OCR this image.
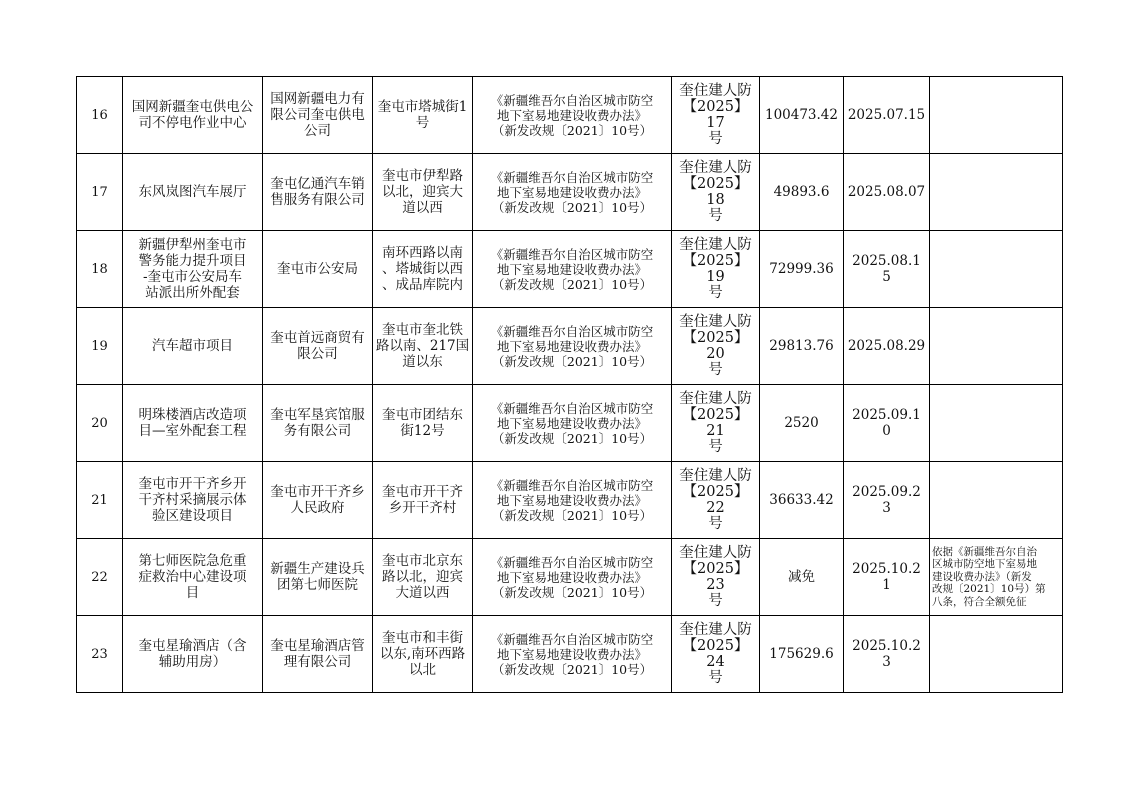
16	国网新疆奎屯供电公
司不停电作业中心	国网新疆电力有
限公司奎屯供电
公司	奎屯市塔城街1
号	《新疆维吾尔自治区城市防空
地下室易地建设收费办法》
（新发改规〔2021〕10号）	奎住建人防
【2025】17
号	100473.42	2025.07.15	

17	东风岚图汽车展厅	奎屯亿通汽车销
售服务有限公司	奎屯市伊犁路
以北，迎宾大
道以西	《新疆维吾尔自治区城市防空
地下室易地建设收费办法》
（新发改规〔2021〕10号）	奎住建人防
【2025】18
号	49893.6	2025.08.07	

18	新疆伊犁州奎屯市
警务能力提升项目
-奎屯市公安局车
站派出所外配套	奎屯市公安局	南环西路以南
、塔城街以西
、成品库院内	《新疆维吾尔自治区城市防空
地下室易地建设收费办法》
（新发改规〔2021〕10号）	奎住建人防
【2025】19
号	72999.36	2025.08.1
5	

19	汽车超市项目	奎屯首远商贸有
限公司	奎屯市奎北铁
路以南、217国
道以东	《新疆维吾尔自治区城市防空
地下室易地建设收费办法》
（新发改规〔2021〕10号）	奎住建人防
【2025】20
号	29813.76	2025.08.29	

20	明珠楼酒店改造项
目—室外配套工程	奎屯军垦宾馆服
务有限公司	奎屯市团结东
街12号	《新疆维吾尔自治区城市防空
地下室易地建设收费办法》
（新发改规〔2021〕10号）	奎住建人防
【2025】21
号	2520	2025.09.1
0	

21	奎屯市开干齐乡开
干齐村采摘展示体
验区建设项目	奎屯市开干齐乡
人民政府	奎屯市开干齐
乡开干齐村	《新疆维吾尔自治区城市防空
地下室易地建设收费办法》
（新发改规〔2021〕10号）	奎住建人防
【2025】22
号	36633.42	2025.09.2
3	

22	第七师医院急危重
症救治中心建设项
目	新疆生产建设兵
团第七师医院	奎屯市北京东
路以北，迎宾
大道以西	《新疆维吾尔自治区城市防空
地下室易地建设收费办法》
（新发改规〔2021〕10号）	奎住建人防
【2025】23
号	减免	2025.10.2
1	依据《新疆维吾尔自治
区城市防空地下室易地
建设收费办法》（新发
改规〔2021〕10号）第
八条，符合全额免征

23	奎屯星瑜酒店（含
辅助用房）	奎屯星瑜酒店管
理有限公司	奎屯市和丰街
以东,南环西路
以北	《新疆维吾尔自治区城市防空
地下室易地建设收费办法》
（新发改规〔2021〕10号）	奎住建人防
【2025】24
号	175629.6	2025.10.2
3	
